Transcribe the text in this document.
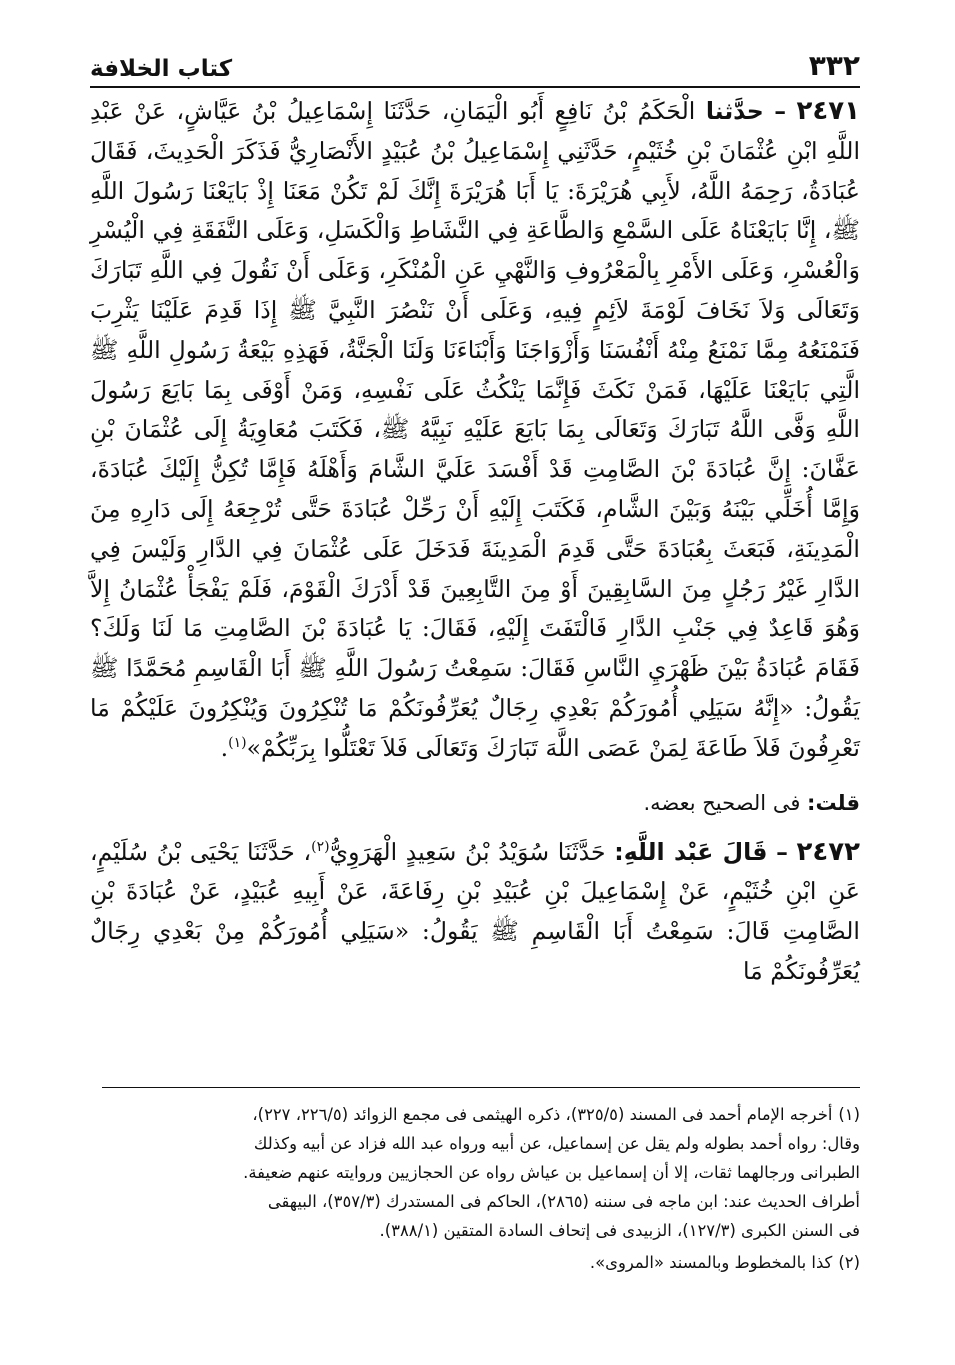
٣٣٢
كتاب الخلافة

٢٤٧١ – حدَّثنا الْحَكَمُ بْنُ نَافِعٍ أَبُو الْيَمَانِ، حَدَّثَنَا إِسْمَاعِيلُ بْنُ عَيَّاشٍ، عَنْ عَبْدِ اللَّهِ ابْنِ عُثْمَانَ بْنِ خُثَيْمٍ، حَدَّثَنِي إِسْمَاعِيلُ بْنُ عُبَيْدٍ الأَنْصَارِيُّ فَذَكَرَ الْحَدِيثَ، فَقَالَ عُبَادَةُ، رَحِمَهُ اللَّهُ، لأَبِي هُرَيْرَةَ: يَا أَبَا هُرَيْرَةَ إِنَّكَ لَمْ تَكُنْ مَعَنَا إِذْ بَايَعْنَا رَسُولَ اللَّهِ ﷺ، إِنَّا بَايَعْنَاهُ عَلَى السَّمْعِ وَالطَّاعَةِ فِي النَّشَاطِ وَالْكَسَلِ، وَعَلَى النَّفَقَةِ فِي الْيُسْرِ وَالْعُسْرِ، وَعَلَى الأَمْرِ بِالْمَعْرُوفِ وَالنَّهْيِ عَنِ الْمُنْكَرِ، وَعَلَى أَنْ نَقُولَ فِي اللَّهِ تَبَارَكَ وَتَعَالَى وَلاَ نَخَافَ لَوْمَةَ لاَئِمٍ فِيهِ، وَعَلَى أَنْ نَنْصُرَ النَّبِيَّ ﷺ إِذَا قَدِمَ عَلَيْنَا يَثْرِبَ فَنَمْنَعُهُ مِمَّا نَمْنَعُ مِنْهُ أَنْفُسَنَا وَأَزْوَاجَنَا وَأَبْنَاءَنَا وَلَنَا الْجَنَّةُ، فَهَذِهِ بَيْعَةُ رَسُولِ اللَّهِ ﷺ الَّتِي بَايَعْنَا عَلَيْهَا، فَمَنْ نَكَثَ فَإِنَّمَا يَنْكُثُ عَلَى نَفْسِهِ، وَمَنْ أَوْفَى بِمَا بَايَعَ رَسُولَ اللَّهِ وَفَّى اللَّهُ تَبَارَكَ وَتَعَالَى بِمَا بَايَعَ عَلَيْهِ نَبِيَّهُ ﷺ، فَكَتَبَ مُعَاوِيَةُ إِلَى عُثْمَانَ بْنِ عَفَّانَ: إِنَّ عُبَادَةَ بْنَ الصَّامِتِ قَدْ أَفْسَدَ عَلَيَّ الشَّامَ وَأَهْلَهُ فَإِمَّا تُكِنُّ إِلَيْكَ عُبَادَةَ، وَإِمَّا أُخَلِّي بَيْنَهُ وَبَيْنَ الشَّامِ، فَكَتَبَ إِلَيْهِ أَنْ رَحِّلْ عُبَادَةَ حَتَّى تُرْجِعَهُ إِلَى دَارِهِ مِنَ الْمَدِينَةِ، فَبَعَثَ بِعُبَادَةَ حَتَّى قَدِمَ الْمَدِينَةَ فَدَخَلَ عَلَى عُثْمَانَ فِي الدَّارِ وَلَيْسَ فِي الدَّارِ غَيْرُ رَجُلٍ مِنَ السَّابِقِينَ أَوْ مِنَ التَّابِعِينَ قَدْ أَدْرَكَ الْقَوْمَ، فَلَمْ يَفْجَأْ عُثْمَانُ إِلاَّ وَهُوَ قَاعِدٌ فِي جَنْبِ الدَّارِ فَالْتَفَتَ إِلَيْهِ، فَقَالَ: يَا عُبَادَةَ بْنَ الصَّامِتِ مَا لَنَا وَلَكَ؟ فَقَامَ عُبَادَةُ بَيْنَ ظَهْرَيِ النَّاسِ فَقَالَ: سَمِعْتُ رَسُولَ اللَّهِ ﷺ أَبَا الْقَاسِمِ مُحَمَّدًا ﷺ يَقُولُ: «إِنَّهُ سَيَلِي أُمُورَكُمْ بَعْدِي رِجَالٌ يُعَرِّفُونَكُمْ مَا تُنْكِرُونَ وَيُنْكِرُونَ عَلَيْكُمْ مَا تَعْرِفُونَ فَلاَ طَاعَةَ لِمَنْ عَصَى اللَّهَ تَبَارَكَ وَتَعَالَى فَلاَ تَعْتَلُّوا بِرَبِّكُمْ»$^{(١)}$.

قلت: فى الصحيح بعضه.

٢٤٧٢ – قَالَ عَبْد اللَّهِ: حَدَّثَنَا سُوَيْدُ بْنُ سَعِيدٍ الْهَرَوِيُّ$^{(٢)}$، حَدَّثَنَا يَحْيَى بْنُ سُلَيْمٍ، عَنِ ابْنِ خُثَيْمٍ، عَنْ إِسْمَاعِيلَ بْنِ عُبَيْدِ بْنِ رِفَاعَةَ، عَنْ أَبِيهِ عُبَيْدٍ، عَنْ عُبَادَةَ بْنِ الصَّامِتِ قَالَ: سَمِعْتُ أَبَا الْقَاسِمِ ﷺ يَقُولُ: «سَيَلِي أُمُورَكُمْ مِنْ بَعْدِي رِجَالٌ يُعَرِّفُونَكُمْ مَا

(١)أخرجه الإمام أحمد فى المسند (٣٢٥/٥)، ذكره الهيثمى فى مجمع الزوائد (٢٢٦/٥، ٢٢٧)،
وقال: رواه أحمد بطوله ولم يقل عن إسماعيل، عن أبيه ورواه عبد الله فزاد عن أبيه وكذلك
الطبرانى ورجالهما ثقات، إلا أن إسماعيل بن عياش رواه عن الحجازيين وروايته عنهم ضعيفة.
أطراف الحديث عند: ابن ماجه فى سننه (٢٨٦٥)، الحاكم فى المستدرك (٣٥٧/٣)، البيهقى
فى السنن الكبرى (١٢٧/٣)، الزبيدى فى إتحاف السادة المتقين (٣٨٨/١).

(٢)كذا بالمخطوط وبالمسند «المروى».
